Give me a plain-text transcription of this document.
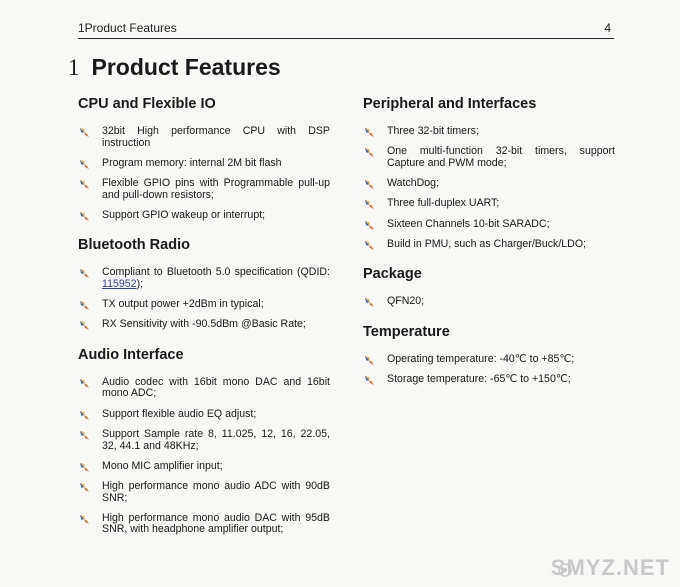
1Product Features	4
1 Product Features
CPU and Flexible IO
32bit High performance CPU with DSP instruction
Program memory: internal 2M bit flash
Flexible GPIO pins with Programmable pull-up and pull-down resistors;
Support GPIO wakeup or interrupt;
Bluetooth Radio
Compliant to Bluetooth 5.0 specification (QDID: 115952);
TX output power +2dBm in typical;
RX Sensitivity with -90.5dBm @Basic Rate;
Audio Interface
Audio codec with 16bit mono DAC and 16bit mono ADC;
Support flexible audio EQ adjust;
Support Sample rate 8, 11.025, 12, 16, 22.05, 32, 44.1 and 48KHz;
Mono MIC amplifier input;
High performance mono audio ADC with 90dB SNR;
High performance mono audio DAC with 95dB SNR, with headphone amplifier output;
Peripheral and Interfaces
Three 32-bit timers;
One multi-function 32-bit timers, support Capture and PWM mode;
WatchDog;
Three full-duplex UART;
Sixteen Channels 10-bit SARADC;
Build in PMU, such as Charger/Buck/LDO;
Package
QFN20;
Temperature
Operating temperature: -40℃ to +85℃;
Storage temperature: -65℃ to +150℃;
SMYZ.NET
